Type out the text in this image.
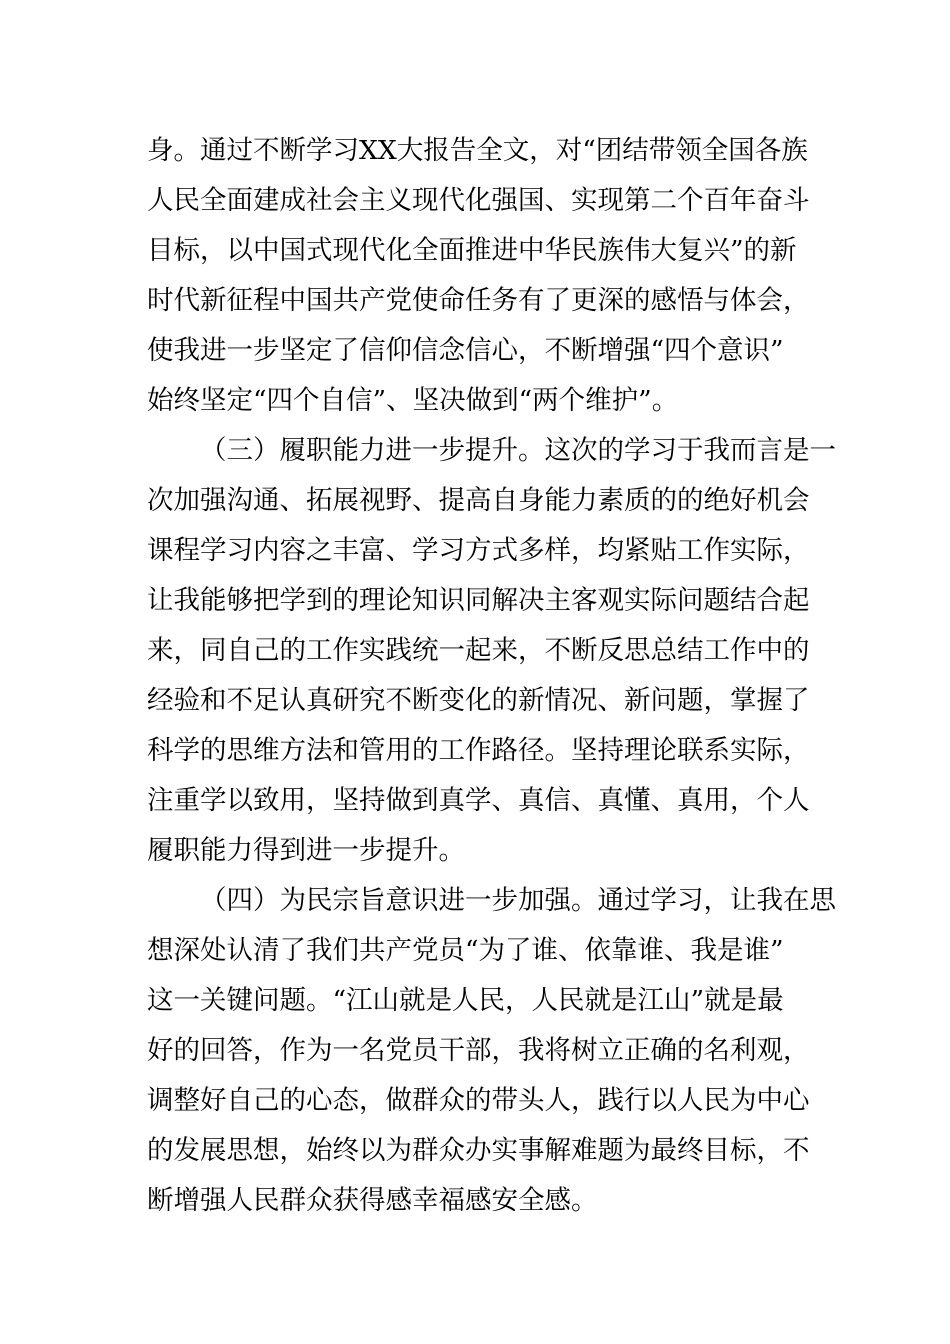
身。通过不断学习XX大报告全文，对“团结带领全国各族
人民全面建成社会主义现代化强国、实现第二个百年奋斗
目标，以中国式现代化全面推进中华民族伟大复兴”的新
时代新征程中国共产党使命任务有了更深的感悟与体会，
使我进一步坚定了信仰信念信心，不断增强“四个意识”
始终坚定“四个自信”、坚决做到“两个维护”。
（三）履职能力进一步提升。这次的学习于我而言是一
次加强沟通、拓展视野、提高自身能力素质的的绝好机会
课程学习内容之丰富、学习方式多样，均紧贴工作实际，
让我能够把学到的理论知识同解决主客观实际问题结合起
来，同自己的工作实践统一起来，不断反思总结工作中的
经验和不足认真研究不断变化的新情况、新问题，掌握了
科学的思维方法和管用的工作路径。坚持理论联系实际，
注重学以致用，坚持做到真学、真信、真懂、真用，个人
履职能力得到进一步提升。
（四）为民宗旨意识进一步加强。通过学习，让我在思
想深处认清了我们共产党员“为了谁、依靠谁、我是谁”
这一关键问题。“江山就是人民，人民就是江山”就是最
好的回答，作为一名党员干部，我将树立正确的名利观，
调整好自己的心态，做群众的带头人，践行以人民为中心
的发展思想，始终以为群众办实事解难题为最终目标，不
断增强人民群众获得感幸福感安全感。
